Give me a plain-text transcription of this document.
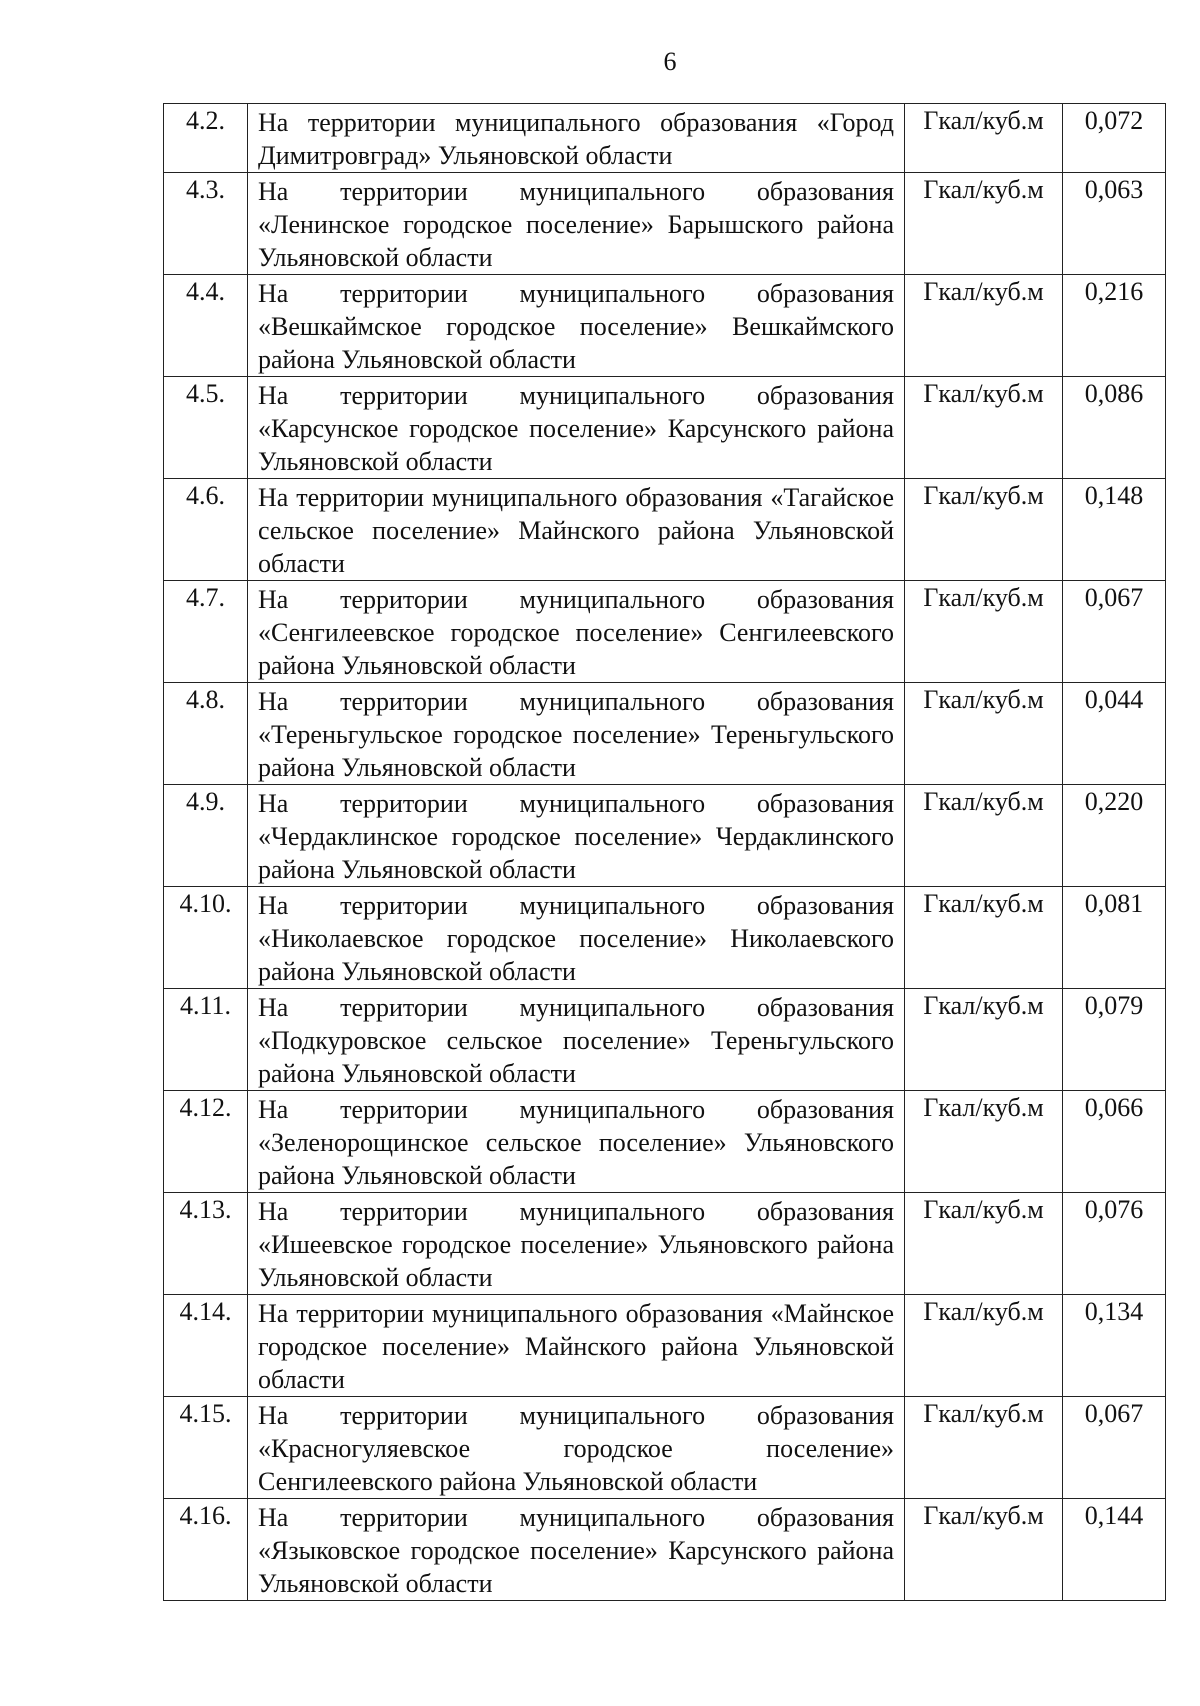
6
4.2.	На территории муниципального образования «Город Димитровград» Ульяновской области	Гкал/куб.м	0,072
4.3.	На территории муниципального образования «Ленинское городское поселение» Барышского района Ульяновской области	Гкал/куб.м	0,063
4.4.	На территории муниципального образования «Вешкаймское городское поселение» Вешкаймского района Ульяновской области	Гкал/куб.м	0,216
4.5.	На территории муниципального образования «Карсунское городское поселение» Карсунского района Ульяновской области	Гкал/куб.м	0,086
4.6.	На территории муниципального образования «Тагайское сельское поселение» Майнского района Ульяновской области	Гкал/куб.м	0,148
4.7.	На территории муниципального образования «Сенгилеевское городское поселение» Сенгилеевского района Ульяновской области	Гкал/куб.м	0,067
4.8.	На территории муниципального образования «Тереньгульское городское поселение» Тереньгульского района Ульяновской области	Гкал/куб.м	0,044
4.9.	На территории муниципального образования «Чердаклинское городское поселение» Чердаклинского района Ульяновской области	Гкал/куб.м	0,220
4.10.	На территории муниципального образования «Николаевское городское поселение» Николаевского района Ульяновской области	Гкал/куб.м	0,081
4.11.	На территории муниципального образования «Подкуровское сельское поселение» Тереньгульского района Ульяновской области	Гкал/куб.м	0,079
4.12.	На территории муниципального образования «Зеленорощинское сельское поселение» Ульяновского района Ульяновской области	Гкал/куб.м	0,066
4.13.	На территории муниципального образования «Ишеевское городское поселение» Ульяновского района Ульяновской области	Гкал/куб.м	0,076
4.14.	На территории муниципального образования «Майнское городское поселение» Майнского района Ульяновской области	Гкал/куб.м	0,134
4.15.	На территории муниципального образования «Красногуляевское городское поселение» Сенгилеевского района Ульяновской области	Гкал/куб.м	0,067
4.16.	На территории муниципального образования «Языковское городское поселение» Карсунского района Ульяновской области	Гкал/куб.м	0,144
